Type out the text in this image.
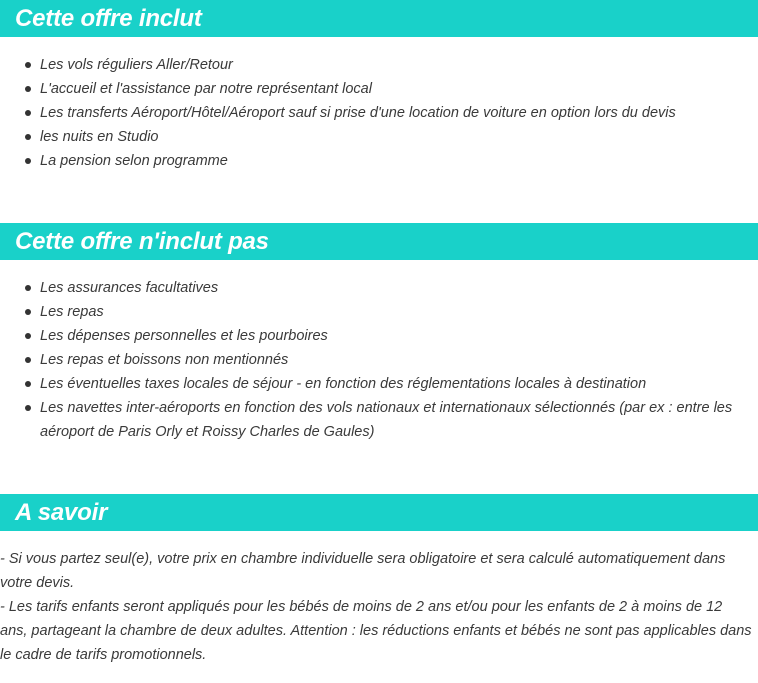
Cette offre inclut
Les vols réguliers Aller/Retour
L'accueil et l'assistance par notre représentant local
Les transferts Aéroport/Hôtel/Aéroport sauf si prise d'une location de voiture en option lors du devis
les nuits en Studio
La pension selon programme
Cette offre n'inclut pas
Les assurances facultatives
Les repas
Les dépenses personnelles et les pourboires
Les repas et boissons non mentionnés
Les éventuelles taxes locales de séjour - en fonction des réglementations locales à destination
Les navettes inter-aéroports en fonction des vols nationaux et internationaux sélectionnés (par ex : entre les aéroport de Paris Orly et Roissy Charles de Gaules)
A savoir

- Si vous partez seul(e), votre prix en chambre individuelle sera obligatoire et sera calculé automatiquement dans votre devis.

- Les tarifs enfants seront appliqués pour les bébés de moins de 2 ans et/ou pour les enfants de 2 à moins de 12 ans, partageant la chambre de deux adultes. Attention : les réductions enfants et bébés ne sont pas applicables dans le cadre de tarifs promotionnels.
